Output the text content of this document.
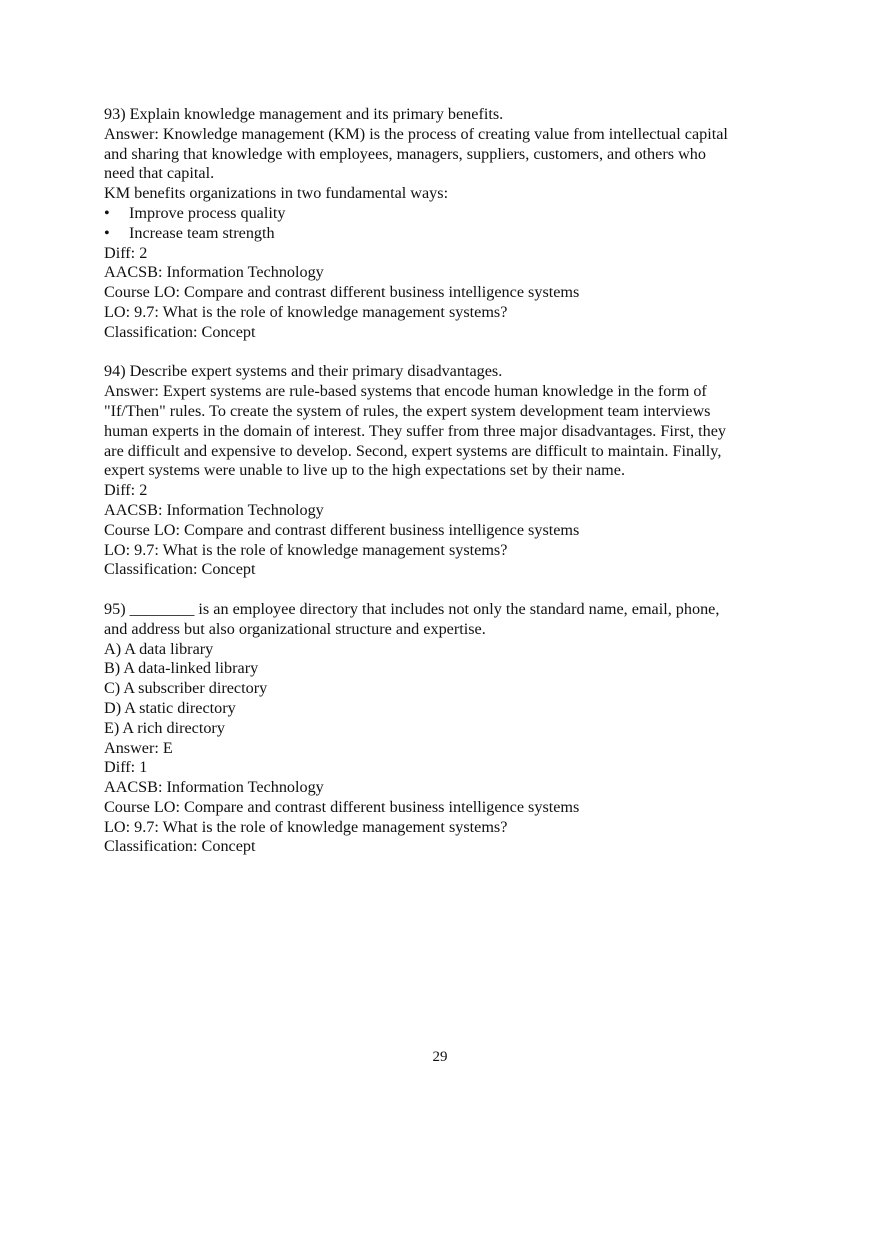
93) Explain knowledge management and its primary benefits.
Answer: Knowledge management (KM) is the process of creating value from intellectual capital
and sharing that knowledge with employees, managers, suppliers, customers, and others who
need that capital.
KM benefits organizations in two fundamental ways:
•	Improve process quality
•	Increase team strength
Diff: 2
AACSB: Information Technology
Course LO: Compare and contrast different business intelligence systems
LO: 9.7: What is the role of knowledge management systems?
Classification: Concept
94) Describe expert systems and their primary disadvantages.
Answer: Expert systems are rule-based systems that encode human knowledge in the form of
"If/Then" rules. To create the system of rules, the expert system development team interviews
human experts in the domain of interest. They suffer from three major disadvantages. First, they
are difficult and expensive to develop. Second, expert systems are difficult to maintain. Finally,
expert systems were unable to live up to the high expectations set by their name.
Diff: 2
AACSB: Information Technology
Course LO: Compare and contrast different business intelligence systems
LO: 9.7: What is the role of knowledge management systems?
Classification: Concept
95) ________ is an employee directory that includes not only the standard name, email, phone,
and address but also organizational structure and expertise.
A) A data library
B) A data-linked library
C) A subscriber directory
D) A static directory
E) A rich directory
Answer: E
Diff: 1
AACSB: Information Technology
Course LO: Compare and contrast different business intelligence systems
LO: 9.7: What is the role of knowledge management systems?
Classification: Concept
29
